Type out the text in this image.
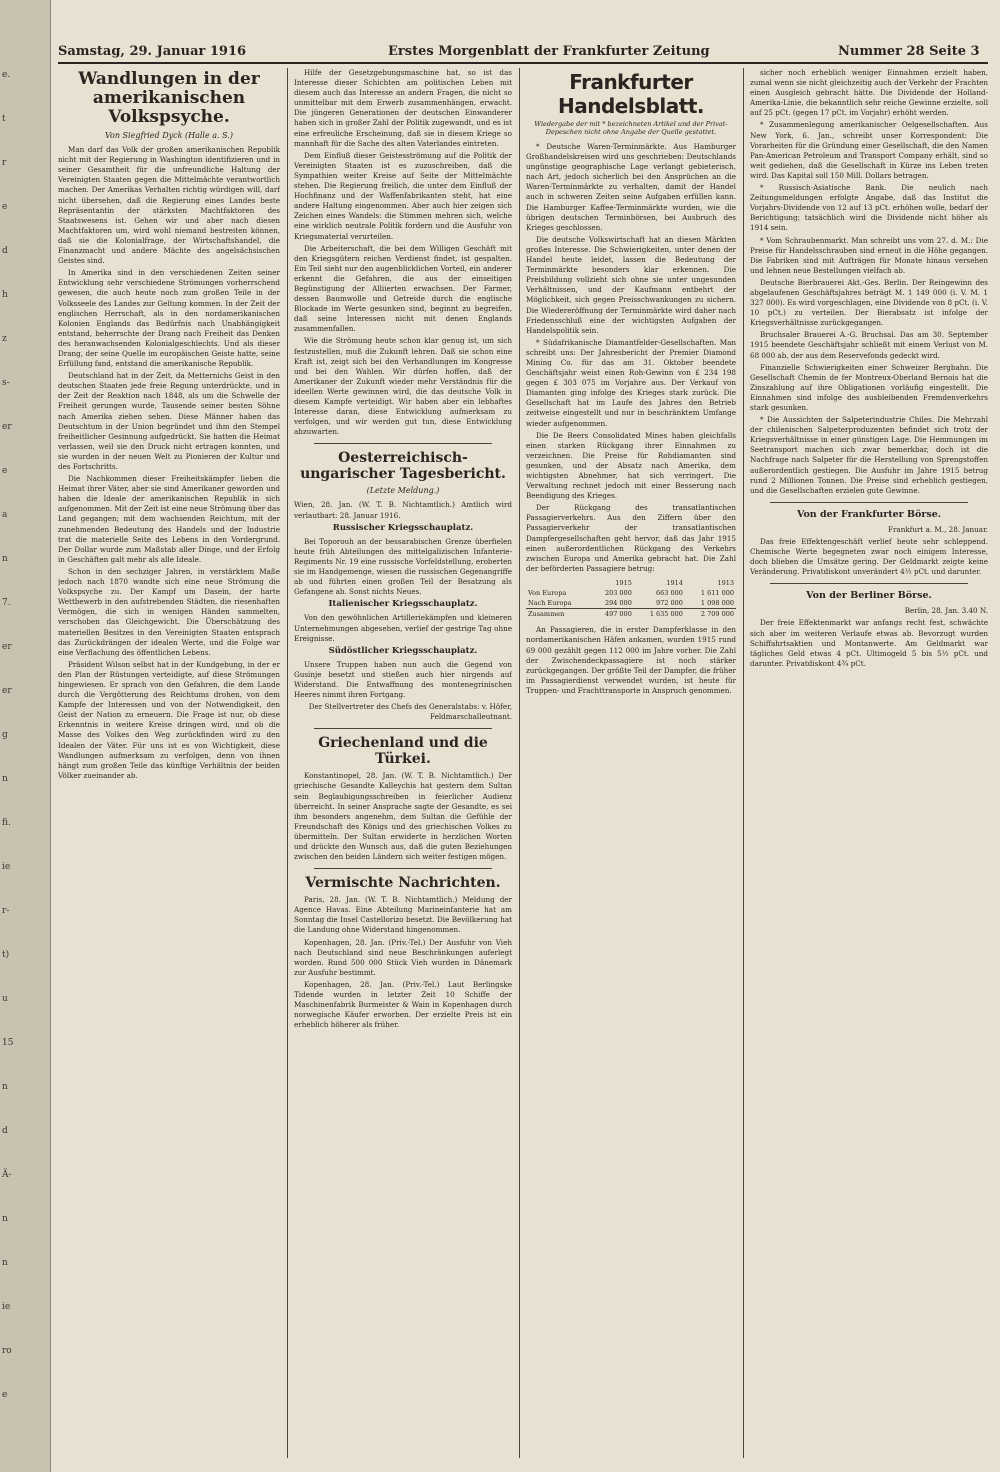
e.
t
r
e
d
h
z
s-
er
e
a
n
7.
er
er
g
n
fi.
ie
r-
t)
u
15
n
d
Ä-
n
n
ie
ro
e
Samstag, 29. Januar 1916	Erstes Morgenblatt der Frankfurter Zeitung	Nummer 28 Seite 3
Wandlungen in der amerikanischen Volkspsyche.
Von Siegfried Dyck (Halle a. S.)

Man darf das Volk der großen amerikanischen Republik nicht mit der Regierung in Washington identifizieren und in seiner Gesamtheit für die unfreundliche Haltung der Vereinigten Staaten gegen die Mittelmächte verantwortlich machen. Der Amerikas Verhalten richtig würdigen will, darf nicht übersehen, daß die Regierung eines Landes beste Repräsentantin der stärksten Machtfaktoren des Staatswesens ist. Gehen wir und aber nach diesen Machtfaktoren um, wird wohl niemand bestreiten können, daß sie die Kolonialfrage, der Wirtschaftshandel, die Finanzmacht und andere Mächte des angelsächsischen Geistes sind.

In Amerika sind in den verschiedenen Zeiten seiner Entwicklung sehr verschiedene Strömungen vorherrschend gewesen, die auch heute noch zum großen Teile in der Volksseele des Landes zur Geltung kommen. In der Zeit der englischen Herrschaft, als in den nordamerikanischen Kolonien Englands das Bedürfnis nach Unabhängigkeit entstand, beherrschte der Drang nach Freiheit das Denken des heranwachsenden Kolonialgeschlechts. Und als dieser Drang, der seine Quelle im europäischen Geiste hatte, seine Erfüllung fand, entstand die amerikanische Republik.

Deutschland hat in der Zeit, da Metternichs Geist in den deutschen Staaten jede freie Regung unterdrückte, und in der Zeit der Reaktion nach 1848, als um die Schwelle der Freiheit gerungen wurde, Tausende seiner besten Söhne nach Amerika ziehen sehen. Diese Männer haben das Deutschtum in der Union begründet und ihm den Stempel freiheitlicher Gesinnung aufgedrückt. Sie hatten die Heimat verlassen, weil sie den Druck nicht ertragen konnten, und sie wurden in der neuen Welt zu Pionieren der Kultur und des Fortschritts.

Die Nachkommen dieser Freiheitskämpfer lieben die Heimat ihrer Väter, aber sie sind Amerikaner geworden und haben die Ideale der amerikanischen Republik in sich aufgenommen. Mit der Zeit ist eine neue Strömung über das Land gegangen; mit dem wachsenden Reichtum, mit der zunehmenden Bedeutung des Handels und der Industrie trat die materielle Seite des Lebens in den Vordergrund. Der Dollar wurde zum Maßstab aller Dinge, und der Erfolg in Geschäften galt mehr als alle Ideale.

Schon in den sechziger Jahren, in verstärktem Maße jedoch nach 1870 wandte sich eine neue Strömung die Volkspsyche zu. Der Kampf um Dasein, der harte Wettbewerb in den aufstrebenden Städten, die riesenhaften Vermögen, die sich in wenigen Händen sammelten, verschoben das Gleichgewicht. Die Überschätzung des materiellen Besitzes in den Vereinigten Staaten entsprach das Zurückdrängen der idealen Werte, und die Folge war eine Verflachung des öffentlichen Lebens.

Präsident Wilson selbst hat in der Kundgebung, in der er den Plan der Rüstungen verteidigte, auf diese Strömungen hingewiesen. Er sprach von den Gefahren, die dem Lande durch die Vergötterung des Reichtums drohen, von dem Kampfe der Interessen und von der Notwendigkeit, den Geist der Nation zu erneuern. Die Frage ist nur, ob diese Erkenntnis in weitere Kreise dringen wird, und ob die Masse des Volkes den Weg zurückfinden wird zu den Idealen der Väter. Für uns ist es von Wichtigkeit, diese Wandlungen aufmerksam zu verfolgen, denn von ihnen hängt zum großen Teile das künftige Verhältnis der beiden Völker zueinander ab.

Hilfe der Gesetzgebungsmaschine hat, so ist das Interesse dieser Schichten am politischen Leben mit diesem auch das Interesse an andern Fragen, die nicht so unmittelbar mit dem Erwerb zusammenhängen, erwacht. Die jüngeren Generationen der deutschen Einwanderer haben sich in großer Zahl der Politik zugewandt, und es ist eine erfreuliche Erscheinung, daß sie in diesem Kriege so mannhaft für die Sache des alten Vaterlandes eintreten.

Dem Einfluß dieser Geistesströmung auf die Politik der Vereinigten Staaten ist es zuzuschreiben, daß die Sympathien weiter Kreise auf Seite der Mittelmächte stehen. Die Regierung freilich, die unter dem Einfluß der Hochfinanz und der Waffenfabrikanten steht, hat eine andere Haltung eingenommen. Aber auch hier zeigen sich Zeichen eines Wandels: die Stimmen mehren sich, welche eine wirklich neutrale Politik fordern und die Ausfuhr von Kriegsmaterial verurteilen.

Die Arbeiterschaft, die bei dem Willigen Geschäft mit den Kriegsgütern reichen Verdienst findet, ist gespalten. Ein Teil sieht nur den augenblicklichen Vorteil, ein anderer erkennt die Gefahren, die aus der einseitigen Begünstigung der Alliierten erwachsen. Der Farmer, dessen Baumwolle und Getreide durch die englische Blockade im Werte gesunken sind, beginnt zu begreifen, daß seine Interessen nicht mit denen Englands zusammenfallen.

Wie die Strömung heute schon klar genug ist, um sich festzustellen, muß die Zukunft lehren. Daß sie schon eine Kraft ist, zeigt sich bei den Verhandlungen im Kongresse und bei den Wahlen. Wir dürfen hoffen, daß der Amerikaner der Zukunft wieder mehr Verständnis für die ideellen Werte gewinnen wird, die das deutsche Volk in diesem Kampfe verteidigt. Wir haben aber ein lebhaftes Interesse daran, diese Entwicklung aufmerksam zu verfolgen, und wir werden gut tun, diese Entwicklung abzuwarten.

Oesterreichisch-ungarischer Tagesbericht.
(Letzte Meldung.)

Wien, 28. Jan. (W. T. B. Nichtamtlich.) Amtlich wird verlautbart: 28. Januar 1916.

Russischer Kriegsschauplatz.

Bei Toporouh an der bessarabischen Grenze überfielen heute früh Abteilungen des mittelgalizischen Infanterie-Regiments Nr. 19 eine russische Vorfeldstellung, eroberten sie im Handgemenge, wiesen die russischen Gegenangriffe ab und führten einen großen Teil der Besatzung als Gefangene ab. Sonst nichts Neues.

Italienischer Kriegsschauplatz.

Von den gewöhnlichen Artilleriekämpfen und kleineren Unternehmungen abgesehen, verlief der gestrige Tag ohne Ereignisse.

Südöstlicher Kriegsschauplatz.

Unsere Truppen haben nun auch die Gegend von Gusinje besetzt und stießen auch hier nirgends auf Widerstand. Die Entwaffnung des montenegrinischen Heeres nimmt ihren Fortgang.

Der Stellvertreter des Chefs des Generalstabs: v. Höfer, Feldmarschalleutnant.

Griechenland und die Türkei.

Konstantinopel, 28. Jan. (W. T. B. Nichtamtlich.) Der griechische Gesandte Kalleychis hat gestern dem Sultan sein Beglaubigungsschreiben in feierlicher Audienz überreicht. In seiner Ansprache sagte der Gesandte, es sei ihm besonders angenehm, dem Sultan die Gefühle der Freundschaft des Königs und des griechischen Volkes zu übermitteln. Der Sultan erwiderte in herzlichen Worten und drückte den Wunsch aus, daß die guten Beziehungen zwischen den beiden Ländern sich weiter festigen mögen.

Vermischte Nachrichten.

Paris, 28. Jan. (W. T. B. Nichtamtlich.) Meldung der Agence Havas. Eine Abteilung Marineinfanterie hat am Sonntag die Insel Castellorizo besetzt. Die Bevölkerung hat die Landung ohne Widerstand hingenommen.

Kopenhagen, 28. Jan. (Priv.-Tel.) Der Ausfuhr von Vieh nach Deutschland sind neue Beschränkungen auferlegt worden. Rund 500 000 Stück Vieh wurden in Dänemark zur Ausfuhr bestimmt.

Kopenhagen, 28. Jan. (Priv.-Tel.) Laut Berlingske Tidende wurden in letzter Zeit 10 Schiffe der Maschinenfabrik Burmeister & Wain in Kopenhagen durch norwegische Käufer erworben. Der erzielte Preis ist ein erheblich höherer als früher.

Frankfurter Handelsblatt.
Wiedergabe der mit * bezeichneten Artikel und der Privat-Depeschen nicht ohne Angabe der Quelle gestattet.

* Deutsche Waren-Terminmärkte. Aus Hamburger Großhandelskreisen wird uns geschrieben: Deutschlands ungünstige geographische Lage verlangt gebieterisch, nach Art, jedoch sicherlich bei den Ansprüchen an die Waren-Terminmärkte zu verhalten, damit der Handel auch in schweren Zeiten seine Aufgaben erfüllen kann. Die Hamburger Kaffee-Terminmärkte wurden, wie die übrigen deutschen Terminbörsen, bei Ausbruch des Krieges geschlossen.

Die deutsche Volkswirtschaft hat an diesen Märkten großes Interesse. Die Schwierigkeiten, unter denen der Handel heute leidet, lassen die Bedeutung der Terminmärkte besonders klar erkennen. Die Preisbildung vollzieht sich ohne sie unter ungesunden Verhältnissen, und der Kaufmann entbehrt der Möglichkeit, sich gegen Preisschwankungen zu sichern. Die Wiedereröffnung der Terminmärkte wird daher nach Friedensschluß eine der wichtigsten Aufgaben der Handelspolitik sein.

* Südafrikanische Diamantfelder-Gesellschaften. Man schreibt uns: Der Jahresbericht der Premier Diamond Mining Co. für das am 31. Oktober beendete Geschäftsjahr weist einen Roh-Gewinn von £ 234 198 gegen £ 303 075 im Vorjahre aus. Der Verkauf von Diamanten ging infolge des Krieges stark zurück. Die Gesellschaft hat im Laufe des Jahres den Betrieb zeitweise eingestellt und nur in beschränktem Umfange wieder aufgenommen.

Die De Beers Consolidated Mines haben gleichfalls einen starken Rückgang ihrer Einnahmen zu verzeichnen. Die Preise für Rohdiamanten sind gesunken, und der Absatz nach Amerika, dem wichtigsten Abnehmer, hat sich verringert. Die Verwaltung rechnet jedoch mit einer Besserung nach Beendigung des Krieges.

Der Rückgang des transatlantischen Passagierverkehrs. Aus den Ziffern über den Passagierverkehr der transatlantischen Dampfergesellschaften geht hervor, daß das Jahr 1915 einen außerordentlichen Rückgang des Verkehrs zwischen Europa und Amerika gebracht hat. Die Zahl der beförderten Passagiere betrug:

	1915	1914	1913
Von Europa	203 000	663 000	1 611 000
Nach Europa	294 000	972 000	1 098 000
Zusammen	497 000	1 635 000	2 709 000

An Passagieren, die in erster Dampferklasse in den nordamerikanischen Häfen ankamen, wurden 1915 rund 69 000 gezählt gegen 112 000 im Jahre vorher. Die Zahl der Zwischendeckpassagiere ist noch stärker zurückgegangen. Der größte Teil der Dampfer, die früher im Passagierdienst verwendet wurden, ist heute für Truppen- und Frachttransporte in Anspruch genommen.

sicher noch erheblich weniger Einnahmen erzielt haben, zumal wenn sie nicht gleichzeitig auch der Verkehr der Frachten einen Ausgleich gebracht hätte. Die Dividende der Holland-Amerika-Linie, die bekanntlich sehr reiche Gewinne erzielte, soll auf 25 pCt. (gegen 17 pCt. im Vorjahr) erhöht werden.

* Zusammenlegung amerikanischer Oelgesellschaften. Aus New York, 6. Jan., schreibt unser Korrespondent: Die Vorarbeiten für die Gründung einer Gesellschaft, die den Namen Pan-American Petroleum and Transport Company erhält, sind so weit gediehen, daß die Gesellschaft in Kürze ins Leben treten wird. Das Kapital soll 150 Mill. Dollars betragen.

* Russisch-Asiatische Bank. Die neulich nach Zeitungsmeldungen erfolgte Angabe, daß das Institut die Vorjahrs-Dividende von 12 auf 13 pCt. erhöhen wolle, bedarf der Berichtigung; tatsächlich wird die Dividende nicht höher als 1914 sein.

* Vom Schraubenmarkt. Man schreibt uns vom 27. d. M.: Die Preise für Handelsschrauben sind erneut in die Höhe gegangen. Die Fabriken sind mit Aufträgen für Monate hinaus versehen und lehnen neue Bestellungen vielfach ab.

Deutsche Bierbrauerei Akt.-Ges. Berlin. Der Reingewinn des abgelaufenen Geschäftsjahres beträgt M. 1 149 000 (i. V. M. 1 327 000). Es wird vorgeschlagen, eine Dividende von 8 pCt. (i. V. 10 pCt.) zu verteilen. Der Bierabsatz ist infolge der Kriegsverhältnisse zurückgegangen.

Bruchsaler Brauerei A.-G. Bruchsal. Das am 30. September 1915 beendete Geschäftsjahr schließt mit einem Verlust von M. 68 000 ab, der aus dem Reservefonds gedeckt wird.

Finanzielle Schwierigkeiten einer Schweizer Bergbahn. Die Gesellschaft Chemin de fer Montreux-Oberland Bernois hat die Zinszahlung auf ihre Obligationen vorläufig eingestellt. Die Einnahmen sind infolge des ausbleibenden Fremdenverkehrs stark gesunken.

* Die Aussichten der Salpeterindustrie Chiles. Die Mehrzahl der chilenischen Salpeterproduzenten befindet sich trotz der Kriegsverhältnisse in einer günstigen Lage. Die Hemmungen im Seetransport machen sich zwar bemerkbar, doch ist die Nachfrage nach Salpeter für die Herstellung von Sprengstoffen außerordentlich gestiegen. Die Ausfuhr im Jahre 1915 betrug rund 2 Millionen Tonnen. Die Preise sind erheblich gestiegen, und die Gesellschaften erzielen gute Gewinne.

Von der Frankfurter Börse.

Frankfurt a. M., 28. Januar.

Das freie Effektengeschäft verlief heute sehr schleppend. Chemische Werte begegneten zwar noch einigem Interesse, doch blieben die Umsätze gering. Der Geldmarkt zeigte keine Veränderung. Privatdiskont unverändert 4½ pCt. und darunter.

Von der Berliner Börse.

Berlin, 28. Jan. 3.40 N.

Der freie Effektenmarkt war anfangs recht fest, schwächte sich aber im weiteren Verlaufe etwas ab. Bevorzugt wurden Schiffahrtsaktien und Montanwerte. Am Geldmarkt war tägliches Geld etwas 4 pCt. Ultimogeld 5 bis 5½ pCt. und darunter. Privatdiskont 4¾ pCt.
